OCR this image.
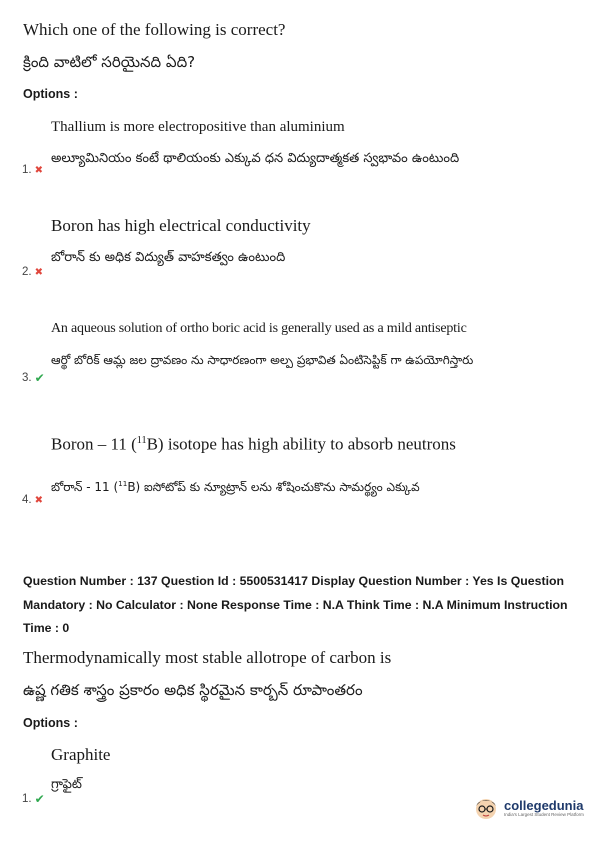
Which one of the following is correct?
క్రింది వాటిలో సరియైనది ఏది?
Options :
Thallium is more electropositive than aluminium
అల్యూమినియం కంటే థాలియంకు ఎక్కువ ధన విద్యుదాత్మకత స్వభావం ఉంటుంది
1. ✖
Boron has high electrical conductivity
బోరాన్ కు అధిక విద్యుత్ వాహకత్వం ఉంటుంది
2. ✖
An aqueous solution of ortho boric acid is generally used as a mild antiseptic
ఆర్థో బోరిక్ ఆమ్ల జల ద్రావణం ను సాధారణంగా అల్ప ప్రభావిత ఏంటిసెప్టిక్ గా ఉపయోగిస్తారు
3. ✔
Boron – 11 ($^{11}$B) isotope has high ability to absorb neutrons
బోరాన్ - 11 ($^{11}$B) ఐసోటోప్ కు న్యూట్రాన్ లను శోషించుకొను సామర్థ్యం ఎక్కువ
4. ✖
Question Number : 137 Question Id : 5500531417 Display Question Number : Yes Is Question Mandatory : No Calculator : None Response Time : N.A Think Time : N.A Minimum Instruction Time : 0
Thermodynamically most stable allotrope of carbon is
ఉష్ణ గతిక శాస్త్రం ప్రకారం అధిక స్థిరమైన కార్బన్ రూపాంతరం
Options :
Graphite
గ్రాఫైట్
1. ✔	collegedunia
India's Largest Student Review Platform
